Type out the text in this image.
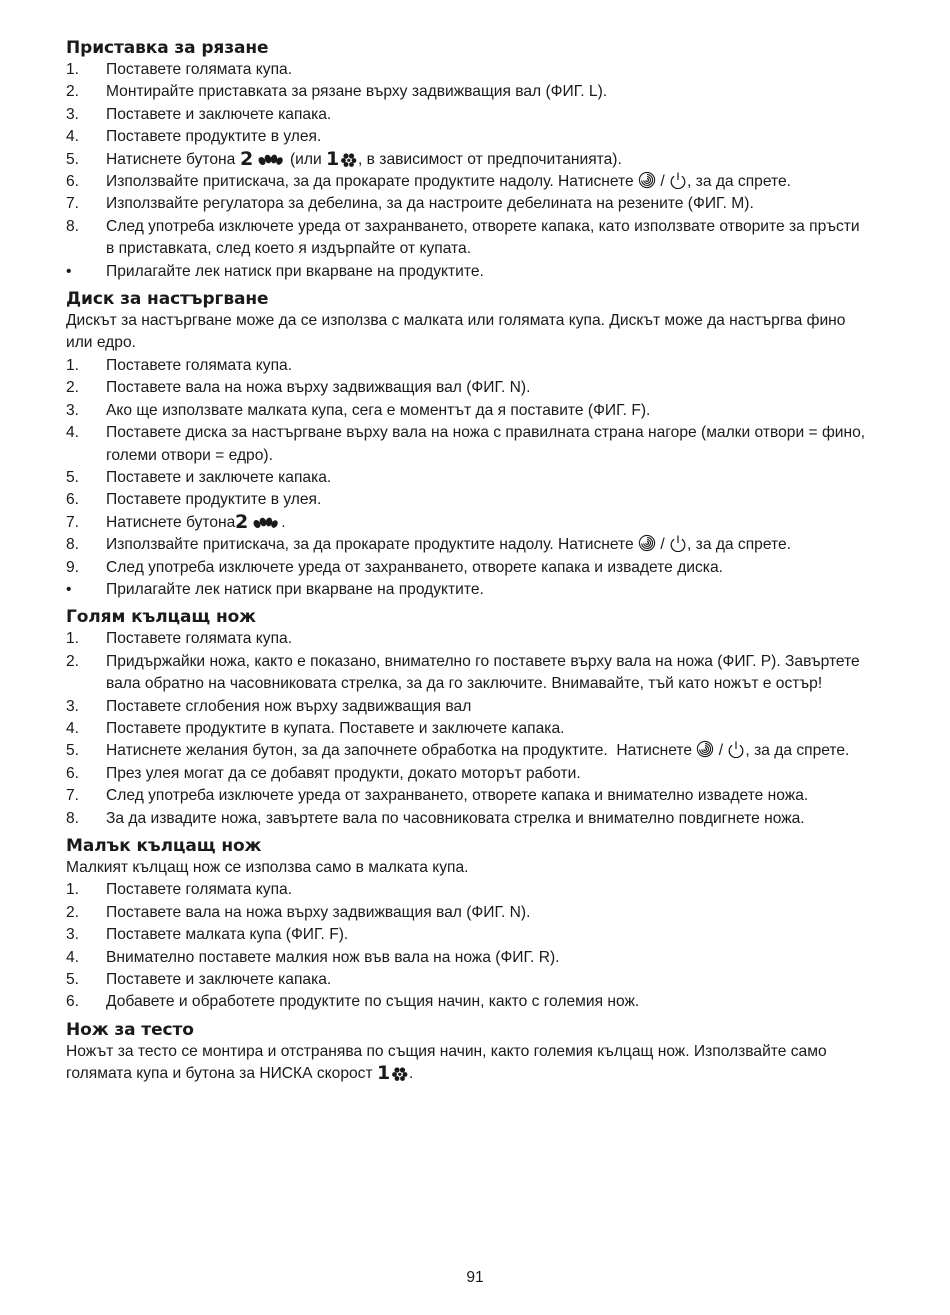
Приставка за рязане
1.	Поставете голямата купа.
2.	Монтирайте приставката за рязане върху задвижващия вал (ФИГ. L).
3.	Поставете и заключете капака.
4.	Поставете продуктите в улея.
5.	Натиснете бутона 2 (или 1 , в зависимост от предпочитанията).
6.	Използвайте притискача, за да прокарате продуктите надолу. Натиснете
/
, за да спрете.
7.	Използвайте регулатора за дебелина, за да настроите дебелината на резените (ФИГ. M).
8.	След употреба изключете уреда от захранването, отворете капака, като използвате отворите за пръсти в приставката, след което я издърпайте от купата.
•	Прилагайте лек натиск при вкарване на продуктите.
Диск за настъргване

Дискът за настъргване може да се използва с малката или голямата купа. Дискът може да настъргва фино или едро.

1.	Поставете голямата купа.
2.	Поставете вала на ножа върху задвижващия вал (ФИГ. N).
3.	Ако ще използвате малката купа, сега е моментът да я поставите (ФИГ. F).
4.	Поставете диска за настъргване върху вала на ножа с правилната страна нагоре (малки отвори = фино, големи отвори = едро).
5.	Поставете и заключете капака.
6.	Поставете продуктите в улея.
7.	Натиснете бутона 2 .
8.	Използвайте притискача, за да прокарате продуктите надолу. Натиснете
/
, за да спрете.
9.	След употреба изключете уреда от захранването, отворете капака и извадете диска.
•	Прилагайте лек натиск при вкарване на продуктите.
Голям кълцащ нож
1.	Поставете голямата купа.
2.	Придържайки ножа, както е показано, внимателно го поставете върху вала на ножа (ФИГ. P). Завъртете вала обратно на часовниковата стрелка, за да го заключите. Внимавайте, тъй като ножът е остър!
3.	Поставете сглобения нож върху задвижващия вал
4.	Поставете продуктите в купата. Поставете и заключете капака.
5.	Натиснете желания бутон, за да започнете обработка на продуктите.  Натиснете
/
, за да спрете.
6.	През улея могат да се добавят продукти, докато моторът работи.
7.	След употреба изключете уреда от захранването, отворете капака и внимателно извадете ножа.
8.	За да извадите ножа, завъртете вала по часовниковата стрелка и внимателно повдигнете ножа.
Малък кълцащ нож

Малкият кълцащ нож се използва само в малката купа.

1.	Поставете голямата купа.
2.	Поставете вала на ножа върху задвижващия вал (ФИГ. N).
3.	Поставете малката купа (ФИГ. F).
4.	Внимателно поставете малкия нож във вала на ножа (ФИГ. R).
5.	Поставете и заключете капака.
6.	Добавете и обработете продуктите по същия начин, както с големия нож.
Нож за тесто

Ножът за тесто се монтира и отстранява по същия начин, както големия кълцащ нож. Използвайте само голямата купа и бутона за НИСКА скорост 1 .

91
